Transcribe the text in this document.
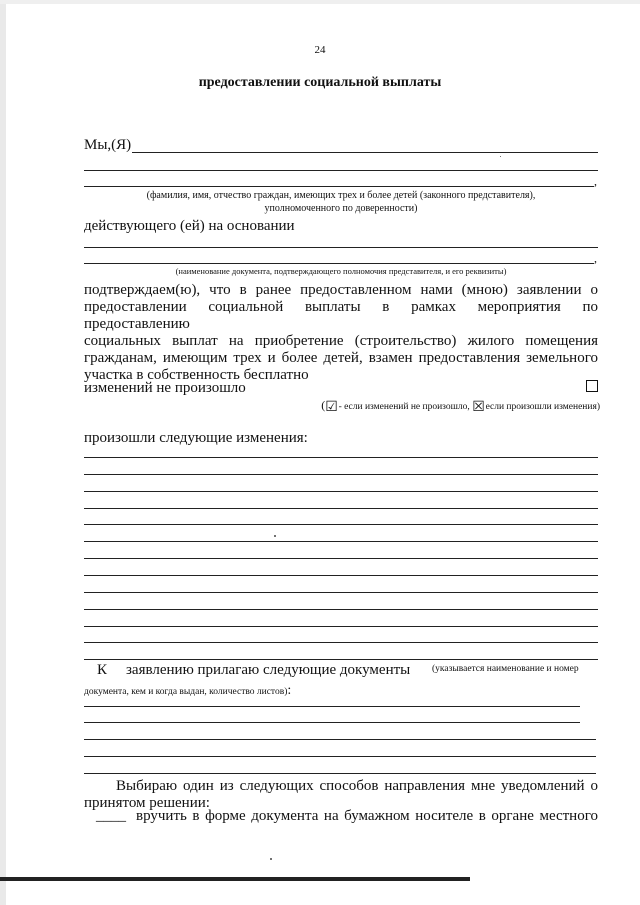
24
предоставлении социальной выплаты
Мы,(Я)
,
(фамилия, имя, отчество граждан, имеющих трех и более детей (законного представителя),
уполномоченного по доверенности)
действующего (ей) на основании
,
(наименование документа, подтверждающего полномочия представителя, и его реквизиты)
подтверждаем(ю), что в ранее предоставленном нами (мною) заявлении о
предоставлении социальной выплаты в рамках мероприятия по предоставлению
социальных выплат на приобретение (строительство) жилого помещения
гражданам, имеющим трех и более детей, взамен предоставления земельного
участка в собственность бесплатно
изменений не произошло
(☑ - если изменений не произошло, ☒ если произошли изменения)
произошли следующие изменения:
К заявлению прилагаю следующие документы (указывается наименование и номер
документа, кем и когда выдан, количество листов):
Выбираю один из следующих способов направления мне уведомлений о
принятом решении:
____ вручить в форме документа на бумажном носителе в органе местного
